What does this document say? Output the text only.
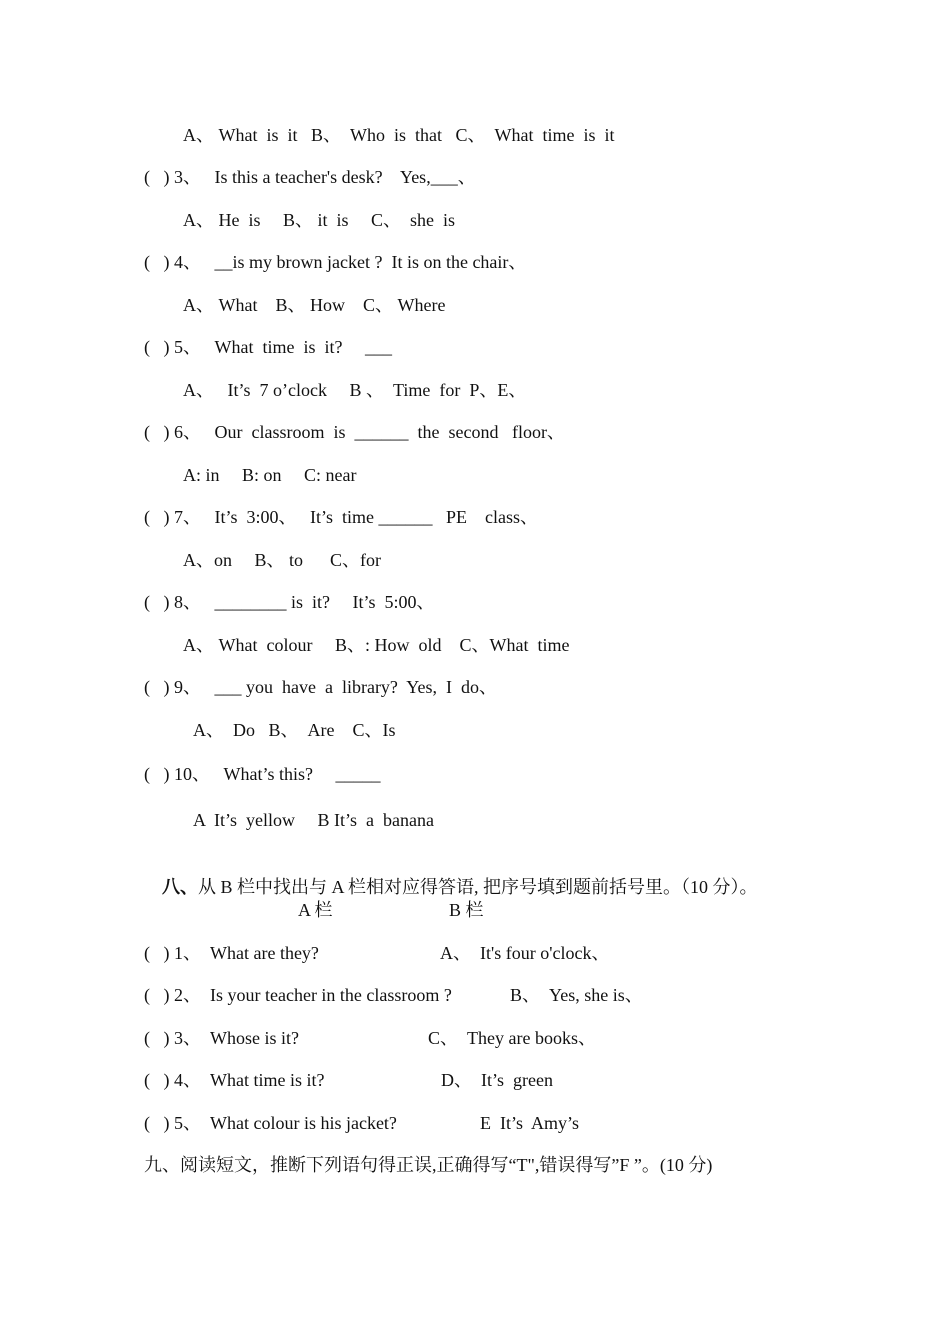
A、 What  is  it   B、  Who  is  that   C、  What  time  is  it
(   ) 3、   Is this a teacher's desk?    Yes,___、
A、 He  is     B、 it  is     C、  she  is
(   ) 4、   __is my brown jacket ?  It is on the chair、
A、 What    B、 How    C、 Where
(   ) 5、   What  time  is  it?     ___
A、   It’s  7 o’clock     B 、  Time  for  P、E、
(   ) 6、   Our  classroom  is  ______  the  second   floor、
A: in     B: on     C: near
(   ) 7、   It’s  3:00、   It’s  time ______   PE    class、
A、on     B、 to      C、for
(   ) 8、   ________ is  it?     It’s  5:00、
A、 What  colour     B、: How  old    C、What  time
(   ) 9、   ___ you  have  a  library?  Yes,  I  do、
A、  Do   B、  Are    C、Is
(   ) 10、   What’s this?     _____
A  It’s  yellow     B It’s  a  banana

八、从 B 栏中找出与 A 栏相对应得答语, 把序号填到题前括号里。（10 分）。

A 栏	B 栏
(   ) 1、  What are they?	A、  It's four o'clock、
(   ) 2、  Is your teacher in the classroom ?	B、  Yes, she is、
(   ) 3、  Whose is it?	C、  They are books、
(   ) 4、  What time is it?	D、  It’s  green
(   ) 5、  What colour is his jacket?	E  It’s  Amy’s
九、阅读短文，推断下列语句得正误,正确得写“T",错误得写”F ”。(10 分)
